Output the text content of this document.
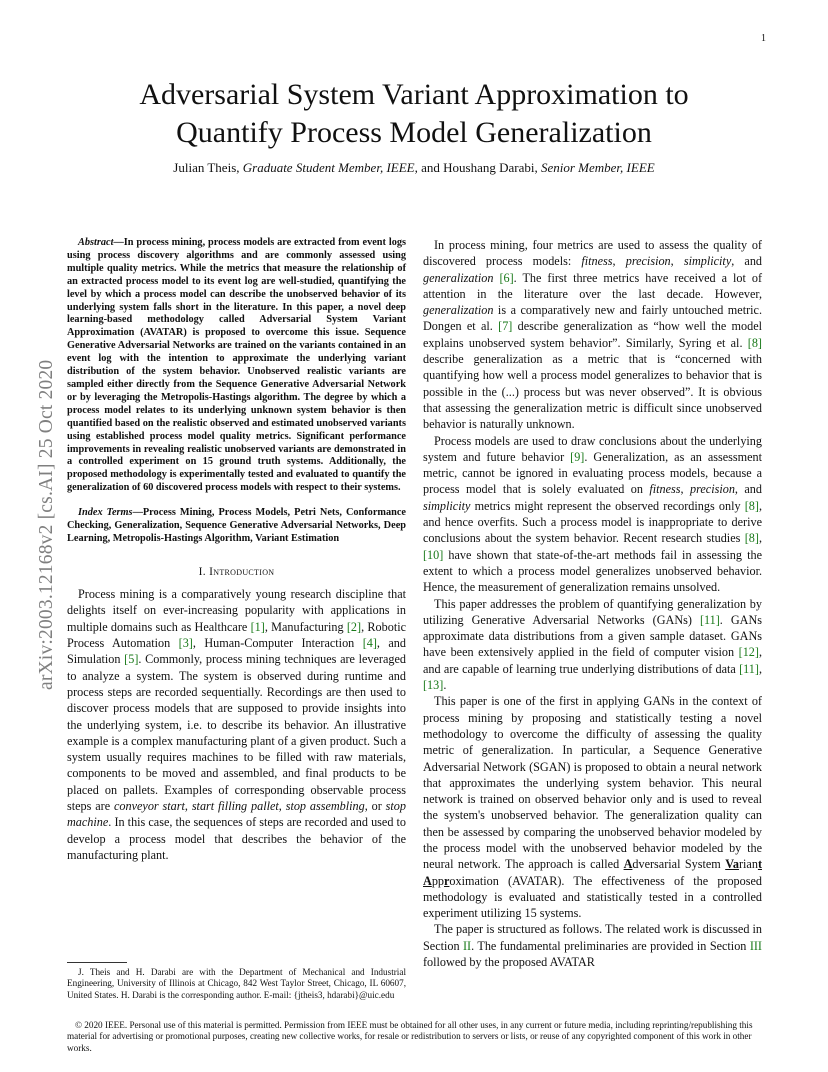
1
arXiv:2003.12168v2 [cs.AI] 25 Oct 2020
Adversarial System Variant Approximation to
Quantify Process Model Generalization
Julian Theis, Graduate Student Member, IEEE, and Houshang Darabi, Senior Member, IEEE

Abstract—In process mining, process models are extracted from event logs using process discovery algorithms and are commonly assessed using multiple quality metrics. While the metrics that measure the relationship of an extracted process model to its event log are well-studied, quantifying the level by which a process model can describe the unobserved behavior of its underlying system falls short in the literature. In this paper, a novel deep learning-based methodology called Adversarial System Variant Approximation (AVATAR) is proposed to overcome this issue. Sequence Generative Adversarial Networks are trained on the variants contained in an event log with the intention to approximate the underlying variant distribution of the system behavior. Unobserved realistic variants are sampled either directly from the Sequence Generative Adversarial Network or by leveraging the Metropolis-Hastings algorithm. The degree by which a process model relates to its underlying unknown system behavior is then quantified based on the realistic observed and estimated unobserved variants using established process model quality metrics. Significant performance improvements in revealing realistic unobserved variants are demonstrated in a controlled experiment on 15 ground truth systems. Additionally, the proposed methodology is experimentally tested and evaluated to quantify the generalization of 60 discovered process models with respect to their systems.

Index Terms—Process Mining, Process Models, Petri Nets, Conformance Checking, Generalization, Sequence Generative Adversarial Networks, Deep Learning, Metropolis-Hastings Algorithm, Variant Estimation

I. Introduction

Process mining is a comparatively young research discipline that delights itself on ever-increasing popularity with applications in multiple domains such as Healthcare [1], Manufacturing [2], Robotic Process Automation [3], Human-Computer Interaction [4], and Simulation [5]. Commonly, process mining techniques are leveraged to analyze a system. The system is observed during runtime and process steps are recorded sequentially. Recordings are then used to discover process models that are supposed to provide insights into the underlying system, i.e. to describe its behavior. An illustrative example is a complex manufacturing plant of a given product. Such a system usually requires machines to be filled with raw materials, components to be moved and assembled, and final products to be placed on pallets. Examples of corresponding observable process steps are conveyor start, start filling pallet, stop assembling, or stop machine. In this case, the sequences of steps are recorded and used to develop a process model that describes the behavior of the manufacturing plant.

J. Theis and H. Darabi are with the Department of Mechanical and Industrial Engineering, University of Illinois at Chicago, 842 West Taylor Street, Chicago, IL 60607, United States. H. Darabi is the corresponding author. E-mail: {jtheis3, hdarabi}@uic.edu

In process mining, four metrics are used to assess the quality of discovered process models: fitness, precision, simplicity, and generalization [6]. The first three metrics have received a lot of attention in the literature over the last decade. However, generalization is a comparatively new and fairly untouched metric. Dongen et al. [7] describe generalization as “how well the model explains unobserved system behavior”. Similarly, Syring et al. [8] describe generalization as a metric that is “concerned with quantifying how well a process model generalizes to behavior that is possible in the (...) process but was never observed”. It is obvious that assessing the generalization metric is difficult since unobserved behavior is naturally unknown.

Process models are used to draw conclusions about the underlying system and future behavior [9]. Generalization, as an assessment metric, cannot be ignored in evaluating process models, because a process model that is solely evaluated on fitness, precision, and simplicity metrics might represent the observed recordings only [8], and hence overfits. Such a process model is inappropriate to derive conclusions about the system behavior. Recent research studies [8], [10] have shown that state-of-the-art methods fail in assessing the extent to which a process model generalizes unobserved behavior. Hence, the measurement of generalization remains unsolved.

This paper addresses the problem of quantifying generalization by utilizing Generative Adversarial Networks (GANs) [11]. GANs approximate data distributions from a given sample dataset. GANs have been extensively applied in the field of computer vision [12], and are capable of learning true underlying distributions of data [11], [13].

This paper is one of the first in applying GANs in the context of process mining by proposing and statistically testing a novel methodology to overcome the difficulty of assessing the quality metric of generalization. In particular, a Sequence Generative Adversarial Network (SGAN) is proposed to obtain a neural network that approximates the underlying system behavior. This neural network is trained on observed behavior only and is used to reveal the system's unobserved behavior. The generalization quality can then be assessed by comparing the unobserved behavior modeled by the process model with the unobserved behavior modeled by the neural network. The approach is called Adversarial System Variant Approximation (AVATAR). The effectiveness of the proposed methodology is evaluated and statistically tested in a controlled experiment utilizing 15 systems.

The paper is structured as follows. The related work is discussed in Section II. The fundamental preliminaries are provided in Section III followed by the proposed AVATAR

© 2020 IEEE. Personal use of this material is permitted. Permission from IEEE must be obtained for all other uses, in any current or future media, including reprinting/republishing this material for advertising or promotional purposes, creating new collective works, for resale or redistribution to servers or lists, or reuse of any copyrighted component of this work in other works.
